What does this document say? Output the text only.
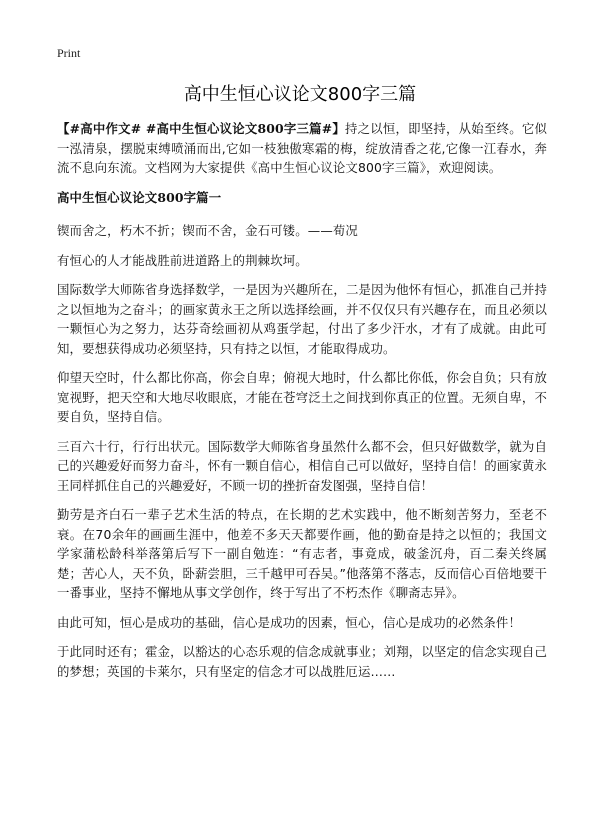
Print
高中生恒心议论文800字三篇

【#高中作文# #高中生恒心议论文800字三篇#】持之以恒，即坚持，从始至终。它似一泓清泉，摆脱束缚喷涌而出,它如一枝独傲寒霜的梅，绽放清香之花,它像一江春水，奔流不息向东流。文档网为大家提供《高中生恒心议论文800字三篇》，欢迎阅读。

高中生恒心议论文800字篇一

锲而舍之，朽木不折；锲而不舍，金石可镂。——荀况

有恒心的人才能战胜前进道路上的荆棘坎坷。

国际数学大师陈省身选择数学，一是因为兴趣所在，二是因为他怀有恒心，抓准自己并持之以恒地为之奋斗；的画家黄永王之所以选择绘画，并不仅仅只有兴趣存在，而且必须以一颗恒心为之努力，达芬奇绘画初从鸡蛋学起，付出了多少汗水，才有了成就。由此可知，要想获得成功必须坚持，只有持之以恒，才能取得成功。

仰望天空时，什么都比你高，你会自卑；俯视大地时，什么都比你低，你会自负；只有放宽视野，把天空和大地尽收眼底，才能在苍穹泛土之间找到你真正的位置。无须自卑，不要自负，坚持自信。

三百六十行，行行出状元。国际数学大师陈省身虽然什么都不会，但只好做数学，就为自己的兴趣爱好而努力奋斗，怀有一颗自信心，相信自己可以做好，坚持自信！的画家黄永王同样抓住自己的兴趣爱好，不顾一切的挫折奋发图强，坚持自信！

勤劳是齐白石一辈子艺术生活的特点，在长期的艺术实践中，他不断刻苦努力，至老不衰。在70余年的画画生涯中，他差不多天天都要作画，他的勤奋是持之以恒的；我国文学家蒲松龄科举落第后写下一副自勉连：“有志者，事竟成，破釜沉舟，百二秦关终属楚；苦心人，天不负，卧薪尝胆，三千越甲可吞吴。”他落第不落志，反而信心百倍地要干一番事业，坚持不懈地从事文学创作，终于写出了不朽杰作《聊斋志异》。

由此可知，恒心是成功的基础，信心是成功的因素，恒心，信心是成功的必然条件！

于此同时还有；霍金，以豁达的心态乐观的信念成就事业；刘翔，以坚定的信念实现自己的梦想；英国的卡莱尔，只有坚定的信念才可以战胜厄运……
